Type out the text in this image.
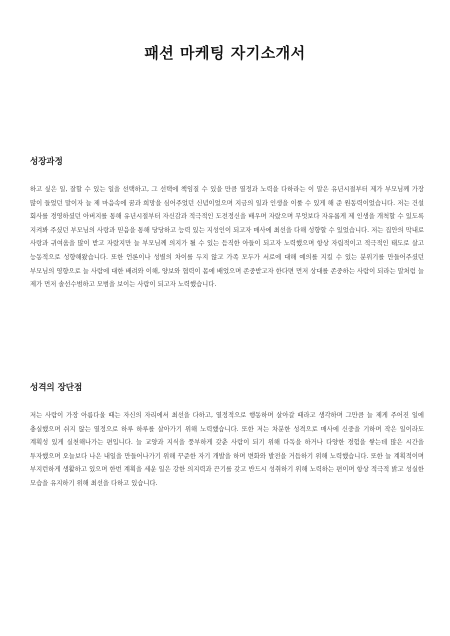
패션 마케팅 자기소개서
성장과정
하고 싶은 일, 잘할 수 있는 일을 선택하고, 그 선택에 책임질 수 있을 만큼 열정과 노력을 다하라는 이 말은 유년시절부터 제가 부모님께 가장 많이 들었던 말이자 늘 제 마음속에 꿈과 희망을 심어주었던 신념이었으며 지금의 일과 인생을 이룰 수 있게 해 준 원동력이었습니다. 저는 건설 회사를 경영하셨던 아버지를 통해 유년시절부터 자신감과 적극적인 도전정신을 배우며 자랐으며 무엇보다 자유롭게 제 인생을 개척할 수 있도록 지켜봐 주셨던 부모님의 사랑과 믿음을 통해 당당하고 능력 있는 지성인이 되고자 매사에 최선을 다해 성향할 수 있었습니다. 저는 집안의 막내로 사랑과 귀여움을 많이 받고 자랐지만 늘 부모님께 의지가 될 수 있는 듬직한 아들이 되고자 노력했으며 항상 자립적이고 적극적인 태도로 살고 능동적으로 성향해왔습니다. 또한 언론이나 성별의 차이를 두지 않고 가족 모두가 서로에 대해 예의를 지킬 수 있는 분위기를 만들어주셨던 부모님의 영향으로 늘 사람에 대한 배려와 이해, 양보와 협력이 몸에 배었으며 존중받고자 한다면 먼저 상대를 존중하는 사람이 되라는 말처럼 늘 제가 먼저 솔선수범하고 모범을 보이는 사람이 되고자 노력했습니다.
성격의 장단점
저는 사람이 가장 아름다울 때는 자신의 자리에서 최선을 다하고, 열정적으로 행동하며 살아갈 때라고 생각하며 그만큼 늘 제게 주어진 일에 충실했으며 쉬지 않는 열정으로 하루 하루를 살아가기 위해 노력했습니다. 또한 저는 차분한 성격으로 매사에 신중을 기하며 작은 일이라도 계획성 있게 실천해나가는 편입니다. 늘 교양과 지식을 풍부하게 갖춘 사람이 되기 위해 다독을 하거나 다양한 경험을 쌓는데 많은 시간을 투자했으며 오늘보다 나은 내일을 만들어나가기 위해 꾸준한 자기 개발을 하며 변화와 발전을 거듭하기 위해 노력했습니다. 또한 늘 계획적이며 부지런하게 생활하고 있으며 한번 계획을 세운 일은 강한 의지력과 끈기를 갖고 반드시 성취하기 위해 노력하는 편이며 항상 적극적 밝고 성실한 모습을 유지하기 위해 최선을 다하고 있습니다.
